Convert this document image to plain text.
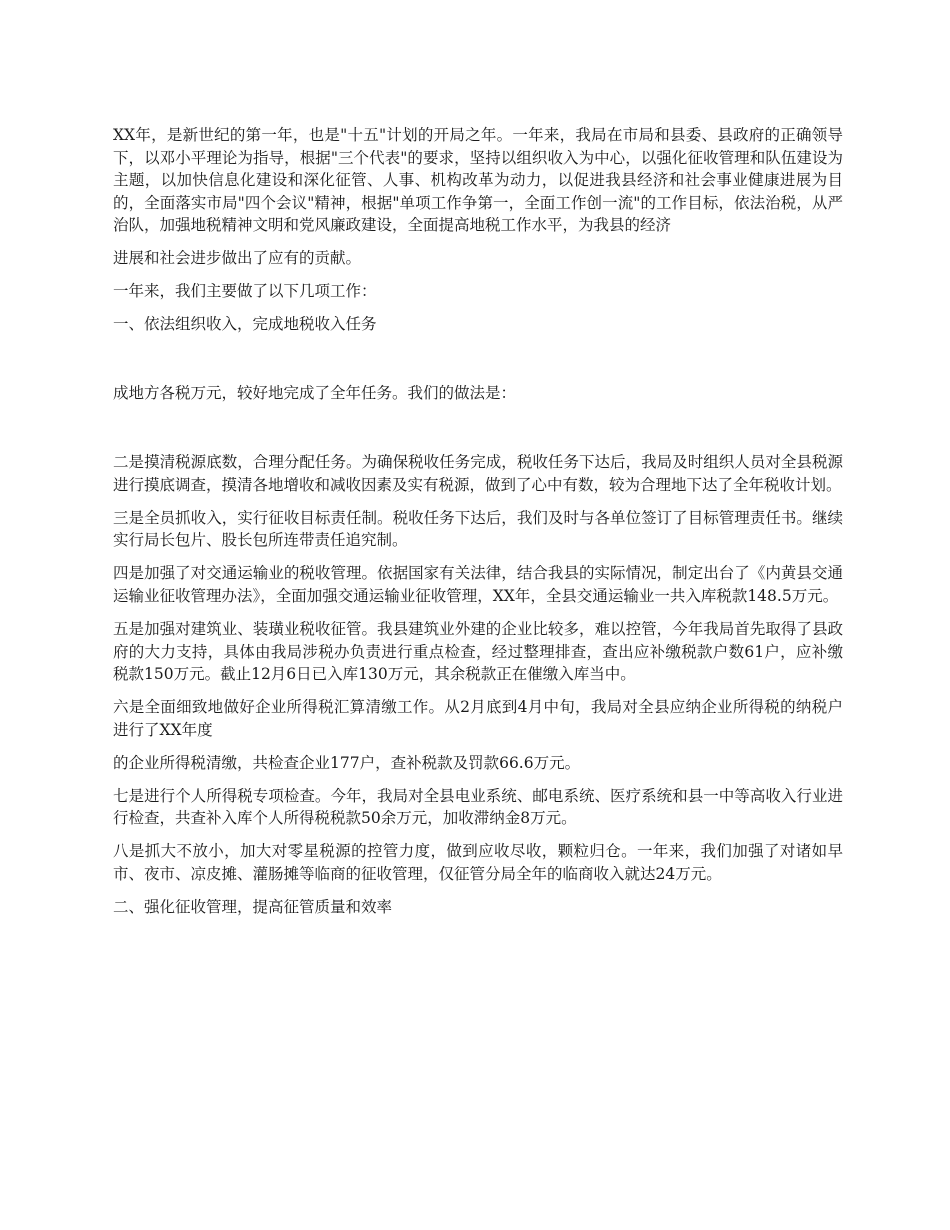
XX年，是新世纪的第一年，也是"十五"计划的开局之年。一年来，我局在市局和县委、县政府的正确领导下，以邓小平理论为指导，根据"三个代表"的要求，坚持以组织收入为中心，以强化征收管理和队伍建设为主题，以加快信息化建设和深化征管、人事、机构改革为动力，以促进我县经济和社会事业健康进展为目的，全面落实市局"四个会议"精神，根据"单项工作争第一，全面工作创一流"的工作目标，依法治税，从严治队，加强地税精神文明和党风廉政建设，全面提高地税工作水平，为我县的经济

进展和社会进步做出了应有的贡献。

一年来，我们主要做了以下几项工作：

一、依法组织收入，完成地税收入任务

成地方各税万元，较好地完成了全年任务。我们的做法是：

二是摸清税源底数，合理分配任务。为确保税收任务完成，税收任务下达后，我局及时组织人员对全县税源进行摸底调查，摸清各地增收和减收因素及实有税源，做到了心中有数，较为合理地下达了全年税收计划。

三是全员抓收入，实行征收目标责任制。税收任务下达后，我们及时与各单位签订了目标管理责任书。继续实行局长包片、股长包所连带责任追究制。

四是加强了对交通运输业的税收管理。依据国家有关法律，结合我县的实际情况，制定出台了《内黄县交通运输业征收管理办法》，全面加强交通运输业征收管理，XX年，全县交通运输业一共入库税款148.5万元。

五是加强对建筑业、装璜业税收征管。我县建筑业外建的企业比较多，难以控管，今年我局首先取得了县政府的大力支持，具体由我局涉税办负责进行重点检查，经过整理排查，查出应补缴税款户数61户，应补缴税款150万元。截止12月6日已入库130万元，其余税款正在催缴入库当中。

六是全面细致地做好企业所得税汇算清缴工作。从2月底到4月中旬，我局对全县应纳企业所得税的纳税户进行了XX年度

的企业所得税清缴，共检查企业177户，查补税款及罚款66.6万元。

七是进行个人所得税专项检查。今年，我局对全县电业系统、邮电系统、医疗系统和县一中等高收入行业进行检查，共查补入库个人所得税税款50余万元，加收滞纳金8万元。

八是抓大不放小，加大对零星税源的控管力度，做到应收尽收，颗粒归仓。一年来，我们加强了对诸如早市、夜市、凉皮摊、灌肠摊等临商的征收管理，仅征管分局全年的临商收入就达24万元。

二、强化征收管理，提高征管质量和效率
